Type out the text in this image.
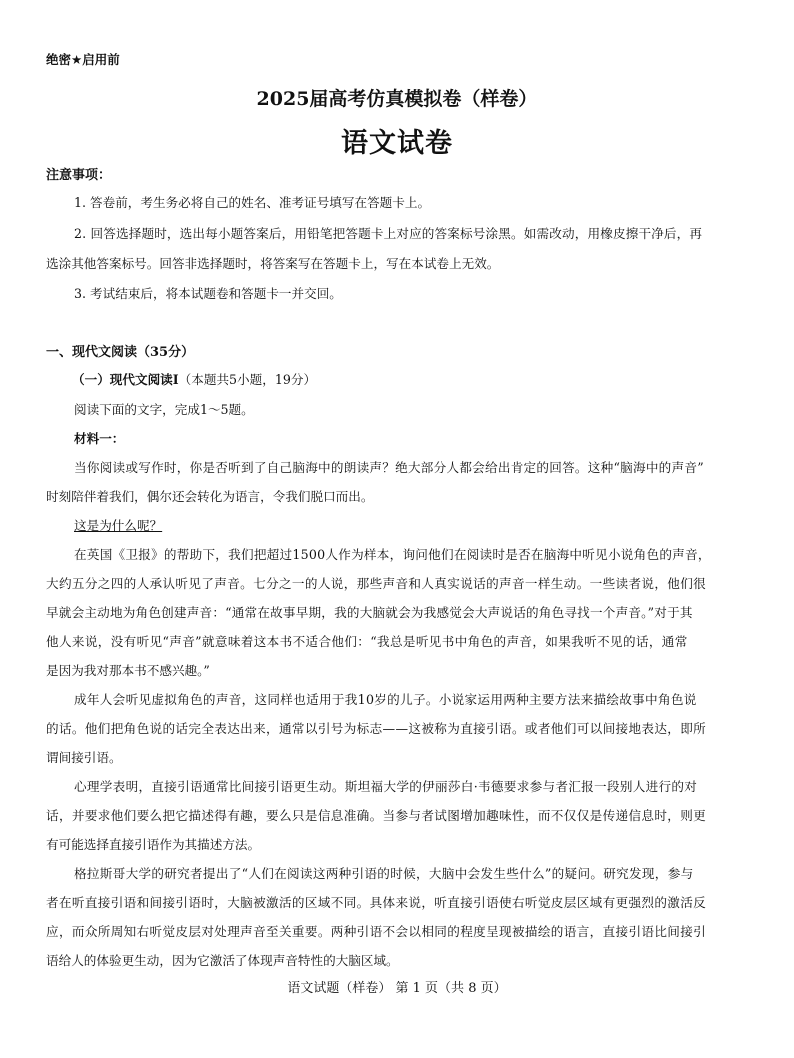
绝密★启用前
2025届高考仿真模拟卷（样卷）
语文试卷
注意事项：
1. 答卷前，考生务必将自己的姓名、准考证号填写在答题卡上。
2. 回答选择题时，选出每小题答案后，用铅笔把答题卡上对应的答案标号涂黑。如需改动，用橡皮擦干净后，再
选涂其他答案标号。回答非选择题时，将答案写在答题卡上，写在本试卷上无效。
3. 考试结束后，将本试题卷和答题卡一并交回。
一、现代文阅读（35分）
（一）现代文阅读Ⅰ（本题共5小题，19分）
阅读下面的文字，完成1～5题。
材料一：
当你阅读或写作时，你是否听到了自己脑海中的朗读声？绝大部分人都会给出肯定的回答。这种“脑海中的声音”
时刻陪伴着我们，偶尔还会转化为语言，令我们脱口而出。
这是为什么呢？
在英国《卫报》的帮助下，我们把超过1500人作为样本，询问他们在阅读时是否在脑海中听见小说角色的声音，
大约五分之四的人承认听见了声音。七分之一的人说，那些声音和人真实说话的声音一样生动。一些读者说，他们很
早就会主动地为角色创建声音：“通常在故事早期，我的大脑就会为我感觉会大声说话的角色寻找一个声音。”对于其
他人来说，没有听见“声音”就意味着这本书不适合他们：“我总是听见书中角色的声音，如果我听不见的话，通常
是因为我对那本书不感兴趣。”
成年人会听见虚拟角色的声音，这同样也适用于我10岁的儿子。小说家运用两种主要方法来描绘故事中角色说
的话。他们把角色说的话完全表达出来，通常以引号为标志——这被称为直接引语。或者他们可以间接地表达，即所
谓间接引语。
心理学表明，直接引语通常比间接引语更生动。斯坦福大学的伊丽莎白·韦德要求参与者汇报一段别人进行的对
话，并要求他们要么把它描述得有趣，要么只是信息准确。当参与者试图增加趣味性，而不仅仅是传递信息时，则更
有可能选择直接引语作为其描述方法。
格拉斯哥大学的研究者提出了“人们在阅读这两种引语的时候，大脑中会发生些什么”的疑问。研究发现，参与
者在听直接引语和间接引语时，大脑被激活的区域不同。具体来说，听直接引语使右听觉皮层区域有更强烈的激活反
应，而众所周知右听觉皮层对处理声音至关重要。两种引语不会以相同的程度呈现被描绘的语言，直接引语比间接引
语给人的体验更生动，因为它激活了体现声音特性的大脑区域。
语文试题（样卷） 第 1 页（共 8 页）
